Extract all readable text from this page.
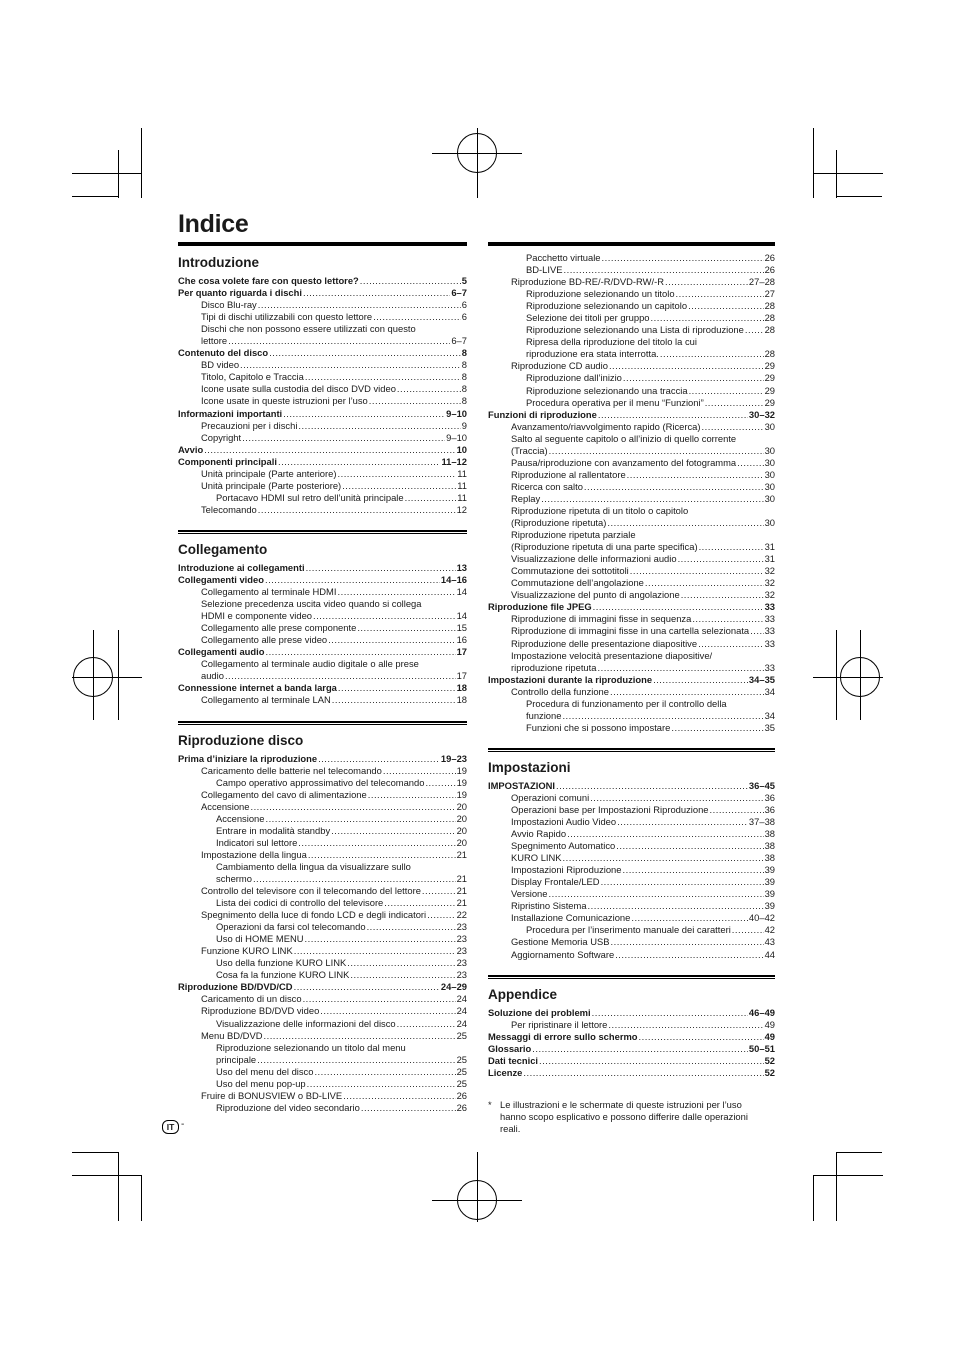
Indice
Introduzione
Che cosa volete fare con questo lettore? .....	5
Per quanto riguarda i dischi .....	6–7
Disco Blu-ray .....	6
Tipi di dischi utilizzabili con questo lettore .....	6
Dischi che non possono essere utilizzati con questo
lettore .....	6–7
Contenuto del disco .....	8
BD video .....	8
Titolo, Capitolo e Traccia .....	8
Icone usate sulla custodia del disco DVD video .....	8
Icone usate in queste istruzioni per l’uso .....	8
Informazioni importanti .....	9–10
Precauzioni per i dischi .....	9
Copyright .....	9–10
Avvio .....	10
Componenti principali .....	11–12
Unità principale (Parte anteriore) .....	11
Unità principale (Parte posteriore) .....	11
Portacavo HDMI sul retro dell’unità principale .....	11
Telecomando .....	12
Collegamento
Introduzione ai collegamenti .....	13
Collegamenti video .....	14–16
Collegamento al terminale HDMI .....	14
Selezione precedenza uscita video quando si collega
HDMI e componente video .....	14
Collegamento alle prese componente .....	15
Collegamento alle prese video .....	16
Collegamenti audio .....	17
Collegamento al terminale audio digitale o alle prese
audio .....	17
Connessione internet a banda larga .....	18
Collegamento al terminale LAN .....	18
Riproduzione disco
Prima d’iniziare la riproduzione .....	19–23
Caricamento delle batterie nel telecomando .....	19
Campo operativo approssimativo del telecomando .....	19
Collegamento del cavo di alimentazione .....	19
Accensione .....	20
Accensione .....	20
Entrare in modalità standby .....	20
Indicatori sul lettore .....	20
Impostazione della lingua .....	21
Cambiamento della lingua da visualizzare sullo
schermo .....	21
Controllo del televisore con il telecomando del lettore .....	21
Lista dei codici di controllo del televisore .....	21
Spegnimento della luce di fondo LCD e degli indicatori .....	22
Operazioni da farsi col telecomando .....	23
Uso di HOME MENU .....	23
Funzione KURO LINK .....	23
Uso della funzione KURO LINK .....	23
Cosa fa la funzione KURO LINK .....	23
Riproduzione BD/DVD/CD .....	24–29
Caricamento di un disco .....	24
Riproduzione BD/DVD video .....	24
Visualizzazione delle informazioni del disco .....	24
Menu BD/DVD .....	25
Riproduzione selezionando un titolo dal menu
principale .....	25
Uso del menu del disco .....	25
Uso del menu pop-up .....	25
Fruire di BONUSVIEW o BD-LIVE .....	26
Riproduzione del video secondario .....	26
Pacchetto virtuale .....	26
BD-LIVE .....	26
Riproduzione BD-RE/-R/DVD-RW/-R .....	27–28
Riproduzione selezionando un titolo .....	27
Riproduzione selezionando un capitolo .....	28
Selezione dei titoli per gruppo .....	28
Riproduzione selezionando una Lista di riproduzione ..... 28
Ripresa della riproduzione del titolo la cui
riproduzione era stata interrotta. .....	28
Riproduzione CD audio .....	29
Riproduzione dall’inizio .....	29
Riproduzione selezionando una traccia .....	29
Procedura operativa per il menu “Funzioni” .....	29
Funzioni di riproduzione .....	30–32
Avanzamento/riavvolgimento rapido (Ricerca) .....	30
Salto al seguente capitolo o all’inizio di quello corrente
(Traccia) .....	30
Pausa/riproduzione con avanzamento del fotogramma .....	30
Riproduzione al rallentatore .....	30
Ricerca con salto .....	30
Replay .....	30
Riproduzione ripetuta di un titolo o capitolo
(Riproduzione ripetuta) .....	30
Riproduzione ripetuta parziale
(Riproduzione ripetuta di una parte specifica) .....	31
Visualizzazione delle informazioni audio .....	31
Commutazione dei sottotitoli .....	32
Commutazione dell’angolazione .....	32
Visualizzazione del punto di angolazione .....	32
Riproduzione file JPEG .....	33
Riproduzione di immagini fisse in sequenza .....	33
Riproduzione di immagini fisse in una cartella selezionata ..... 33
Riproduzione delle presentazione diapositive .....	33
Impostazione velocità presentazione diapositive/
riproduzione ripetuta .....	33
Impostazioni durante la riproduzione .....	34–35
Controllo della funzione .....	34
Procedura di funzionamento per il controllo della
funzione .....	34
Funzioni che si possono impostare .....	35
Impostazioni
IMPOSTAZIONI .....	36–45
Operazioni comuni .....	36
Operazioni base per Impostazioni Riproduzione .....	36
Impostazioni Audio Video .....	37–38
Avvio Rapido .....	38
Spegnimento Automatico .....	38
KURO LINK .....	38
Impostazioni Riproduzione .....	39
Display Frontale/LED .....	39
Versione .....	39
Ripristino Sistema .....	39
Installazione Comunicazione .....	40–42
Procedura per l’inserimento manuale dei caratteri .....	42
Gestione Memoria USB .....	43
Aggiornamento Software .....	44
Appendice
Soluzione dei problemi .....	46–49
Per ripristinare il lettore .....	49
Messaggi di errore sullo schermo .....	49
Glossario .....	50–51
Dati tecnici .....	52
Licenze .....	52
* Le illustrazioni e le schermate di queste istruzioni per l’uso hanno scopo esplicativo e possono differire dalle operazioni reali.
IT -
